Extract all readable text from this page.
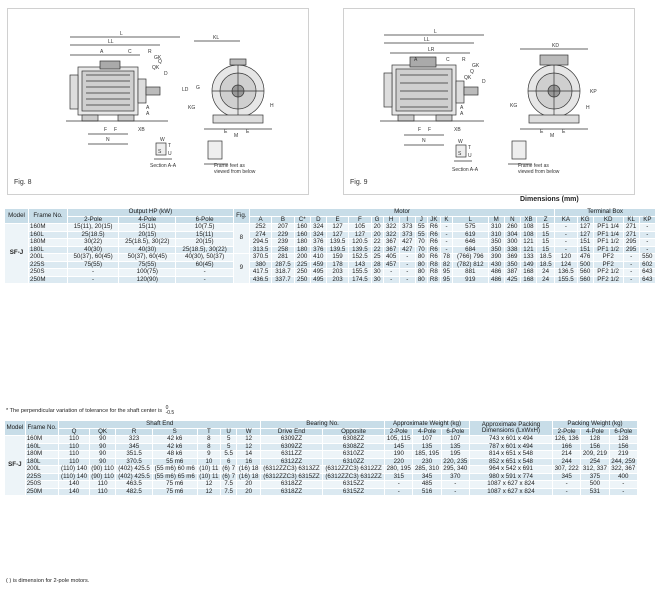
L
LL
KL
A	C	R
D
Q
QK
GK
LD
W
T
U
F F	XB
N
M
E	E
G
H
KG
A
A
S
Section A-A	Frame feet as
viewed from below
Fig. 8
L
LL
LR
A	C R
D
Q
QK
GK
KD
KP
XB
F F
N
M
E	E
H
KG
A
A
W
T
U
S
Section A-A
Frame feet as
viewed from below
Fig. 9
Dimensions (mm)
Model	Frame No.	Output HP (kW)			Fig.	Motor																	Terminal Box				
		2-Pole	4-Pole	6-Pole		A	B	C*	D	E	F	G	H	I	J	JK	K	L	M	N	XB	Z	KA	KG	KD	KL	KP
SF-J	160M	15(11), 20(15)	15(11)	10(7.5)	8	252	207	160	324	127	105	20	322	373	55	R6	-	575	310	260	108	15	-	127	PF1 1/4	271	-
	160L	25(18.5)	20(15)	15(11)		274	229	160	324	127	127	20	322	373	55	R6	-	619	310	304	108	15	-	127	PF1 1/4	271	-
	180M	30(22)	25(18.5), 30(22)	20(15)		294.5	239	180	376	139.5	120.5	22	367	427	70	R6	-	646	350	300	121	15	-	151	PF1 1/2	295	-
	180L	40(30)	40(30)	25(18.5), 30(22)		313.5	258	180	376	139.5	139.5	22	367	427	70	R6	-	684	350	338	121	15	-	151	PF1 1/2	295	-
	200L	50(37), 60(45)	50(37), 60(45)	40(30), 50(37)	9	370.5	281	200	410	159	152.5	25	405	-	80	R6	78	(766) 796	390	369	133	18.5	120	476	PF2	-	550
	225S	75(55)	75(55)	60(45)		380	287.5	225	459	178	143	28	457	-	80	R8	82	(782) 812	430	350	149	18.5	124	500	PF2	-	602
	250S	-	100(75)	-		417.5	318.7	250	495	203	155.5	30	-	-	80	R8	95	881	486	387	168	24	136.5	560	PF2 1/2	-	643
	250M	-	120(90)	-		436.5	337.7	250	495	203	174.5	30	-	-	80	R8	95	919	486	425	168	24	155.5	560	PF2 1/2	-	643
* The perpendicular variation of tolerance for the shaft center is 0
-0.5
Model	Frame No.	Shaft End							Bearing No.		Approximate Weight (kg)			Approximate Packing Dimensions (LxWxH)	Packing Weight (kg)		
		Q	QK	R	S	T	U	W	Drive End	Opposite	2-Pole	4-Pole	6-Pole		2-Pole	4-Pole	6-Pole
SF-J	160M	110	90	323	42 k6	8	5	12	6309ZZ	6308ZZ	105, 115	107	107	743 x 601 x 494	126, 136	128	128
	160L	110	90	345	42 k6	8	5	12	6309ZZ	6308ZZ	145	135	135	787 x 601 x 494	166	156	156
	180M	110	90	351.5	48 k6	9	5.5	14	6311ZZ	6310ZZ	190	185, 195	195	814 x 651 x 548	214	209, 219	219
	180L	110	90	370.5	55 m6	10	6	16	6312ZZ	6310ZZ	220	230	220, 235	852 x 651 x 548	244	254	244, 259
	200L	(110) 140	(90) 110	(402) 425.5	(55 m6) 60 m6	(10) 11	(6) 7	(16) 18	(6312ZZC3) 6313ZZ	(6312ZZC3) 6312ZZ	280, 195	285, 310	295, 340	964 x 542 x 691	307, 222	312, 337	322, 367
	225S	(110) 140	(90) 110	(402) 425.5	(55 m6) 65 m6	(10) 11	(6) 7	(16) 18	(6312ZZC3) 6315ZZ	(6312ZZC3) 6312ZZ	315	345	370	980 x 591 x 774	345	375	400
	250S	140	110	463.5	75 m6	12	7.5	20	6318ZZ	6315ZZ	-	485	-	1087 x 627 x 824	-	500	-
	250M	140	110	482.5	75 m6	12	7.5	20	6318ZZ	6315ZZ	-	516	-	1087 x 627 x 824	-	531	-
( ) is dimension for 2-pole motors.
